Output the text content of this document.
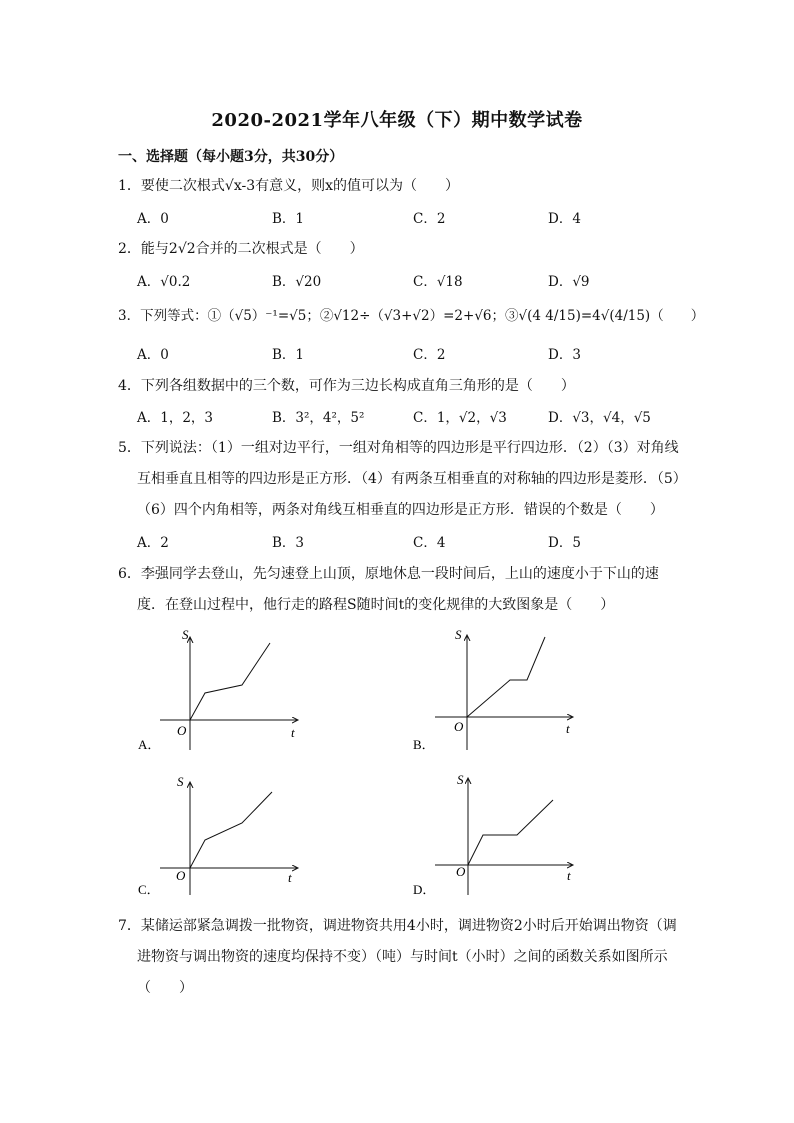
2020-2021学年八年级（下）期中数学试卷
一、选择题（每小题3分，共30分）
1．要使二次根式√x-3有意义，则x的值可以为（　　）
A．0	B．1	C．2	D．4
2．能与2√2合并的二次根式是（　　）
A．√0.2	B．√20	C．√18	D．√9
3．下列等式：①（√5）⁻¹=√5；②√12÷（√3+√2）=2+√6；③√(4 4/15)=4√(4/15)（　　）
A．0	B．1	C．2	D．3
4．下列各组数据中的三个数，可作为三边长构成直角三角形的是（　　）
A．1，2，3	B．3²，4²，5²	C．1，√2，√3	D．√3，√4，√5
5．下列说法：（1）一组对边平行，一组对角相等的四边形是平行四边形．（2）（3）对角线
互相垂直且相等的四边形是正方形．（4）有两条互相垂直的对称轴的四边形是菱形．（5）
（6）四个内角相等，两条对角线互相垂直的四边形是正方形．错误的个数是（　　）
A．2	B．3	C．4	D．5
6．李强同学去登山，先匀速登上山顶，原地休息一段时间后，上山的速度小于下山的速
度．在登山过程中，他行走的路程S随时间t的变化规律的大致图象是（　　）
S
t
O
A．
S
t
O
B．
S
t
O
C．
S
t
O
D．
7．某储运部紧急调拨一批物资，调进物资共用4小时，调进物资2小时后开始调出物资（调
进物资与调出物资的速度均保持不变）（吨）与时间t（小时）之间的函数关系如图所示
（　　）
